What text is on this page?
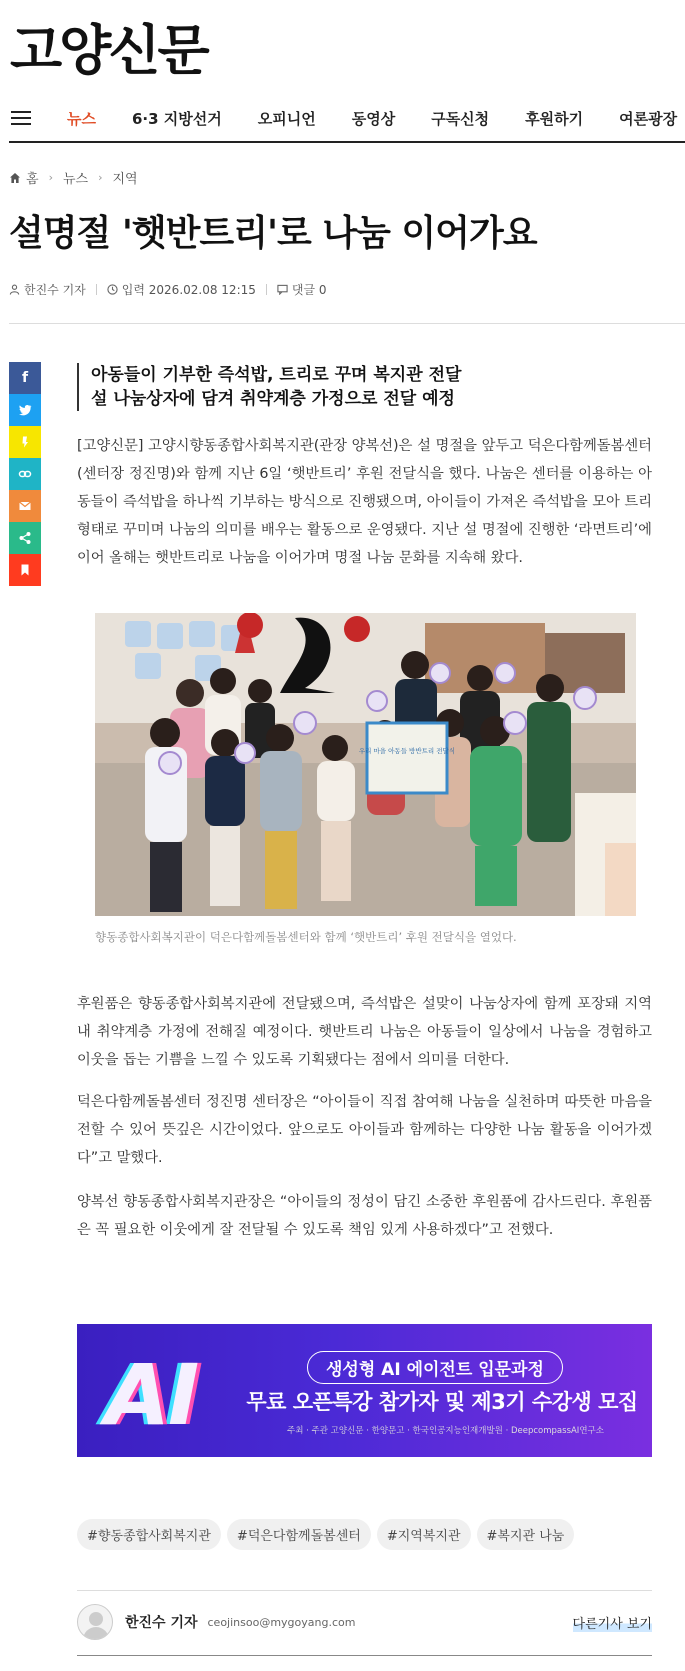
고양신문
뉴스 6·3 지방선거 오피니언 동영상 구독신청 후원하기 여론광장
홈 › 뉴스 › 지역
설명절 '햇반트리'로 나눔 이어가요
한진수 기자	입력 2026.02.08 12:15	댓글 0
f	아동들이 기부한 즉석밥, 트리로 꾸며 복지관 전달
설 나눔상자에 담겨 취약계층 가정으로 전달 예정

[고양신문] 고양시향동종합사회복지관(관장 양복선)은 설 명절을 앞두고 덕은다함께돌봄센터(센터장 정진명)와 함께 지난 6일 ‘햇반트리’ 후원 전달식을 했다. 나눔은 센터를 이용하는 아동들이 즉석밥을 하나씩 기부하는 방식으로 진행됐으며, 아이들이 가져온 즉석밥을 모아 트리 형태로 꾸미며 나눔의 의미를 배우는 활동으로 운영됐다. 지난 설 명절에 진행한 ‘라면트리’에 이어 올해는 햇반트리로 나눔을 이어가며 명절 나눔 문화를 지속해 왔다.

우리 마을 아동들 방반트리 전달식
향동종합사회복지관이 덕은다함께돌봄센터와 함께 ‘햇반트리’ 후원 전달식을 열었다.

후원품은 향동종합사회복지관에 전달됐으며, 즉석밥은 설맞이 나눔상자에 함께 포장돼 지역 내 취약계층 가정에 전해질 예정이다. 햇반트리 나눔은 아동들이 일상에서 나눔을 경험하고 이웃을 돕는 기쁨을 느낄 수 있도록 기획됐다는 점에서 의미를 더한다.

덕은다함께돌봄센터 정진명 센터장은 “아이들이 직접 참여해 나눔을 실천하며 따뜻한 마음을 전할 수 있어 뜻깊은 시간이었다. 앞으로도 아이들과 함께하는 다양한 나눔 활동을 이어가겠다”고 말했다.

양복선 향동종합사회복지관장은 “아이들의 정성이 담긴 소중한 후원품에 감사드린다. 후원품은 꼭 필요한 이웃에게 잘 전달될 수 있도록 책임 있게 사용하겠다”고 전했다.

AI	생성형 AI 에이전트 입문과정
무료 오픈특강 참가자 및 제3기 수강생 모집
주최 · 주관 고양신문 · 한양문고 · 한국인공지능인재개발원 · DeepcompassAI연구소
#향동종합사회복지관	#덕은다함께돌봄센터	#지역복지관	#복지관 나눔
한진수 기자 ceojinsoo@mygoyang.com	다른기사 보기
